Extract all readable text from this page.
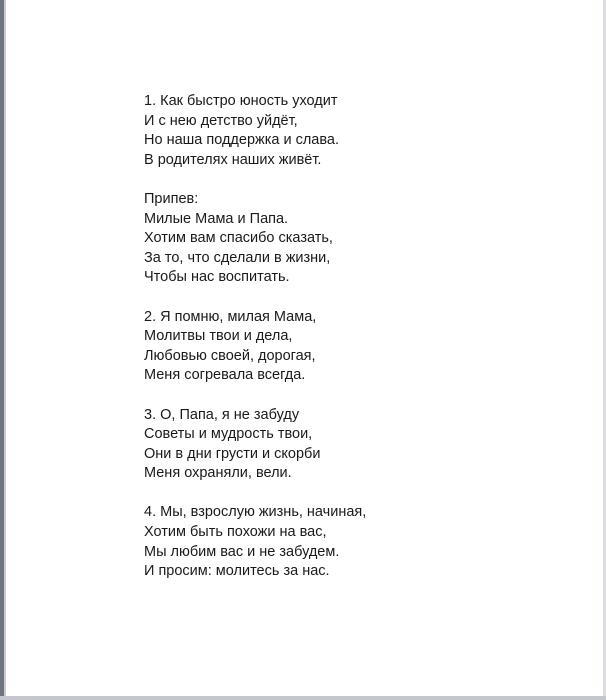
1. Как быстро юность уходит
И с нею детство уйдёт,
Но наша поддержка и слава.
В родителях наших живёт.
Припев:
Милые Мама и Папа.
Хотим вам спасибо сказать,
За то, что сделали в жизни,
Чтобы нас воспитать.
2. Я помню, милая Мама,
Молитвы твои и дела,
Любовью своей, дорогая,
Меня согревала всегда.
3. О, Папа, я не забуду
Советы и мудрость твои,
Они в дни грусти и скорби
Меня охраняли, вели.
4. Мы, взрослую жизнь, начиная,
Хотим быть похожи на вас,
Мы любим вас и не забудем.
И просим: молитесь за нас.
